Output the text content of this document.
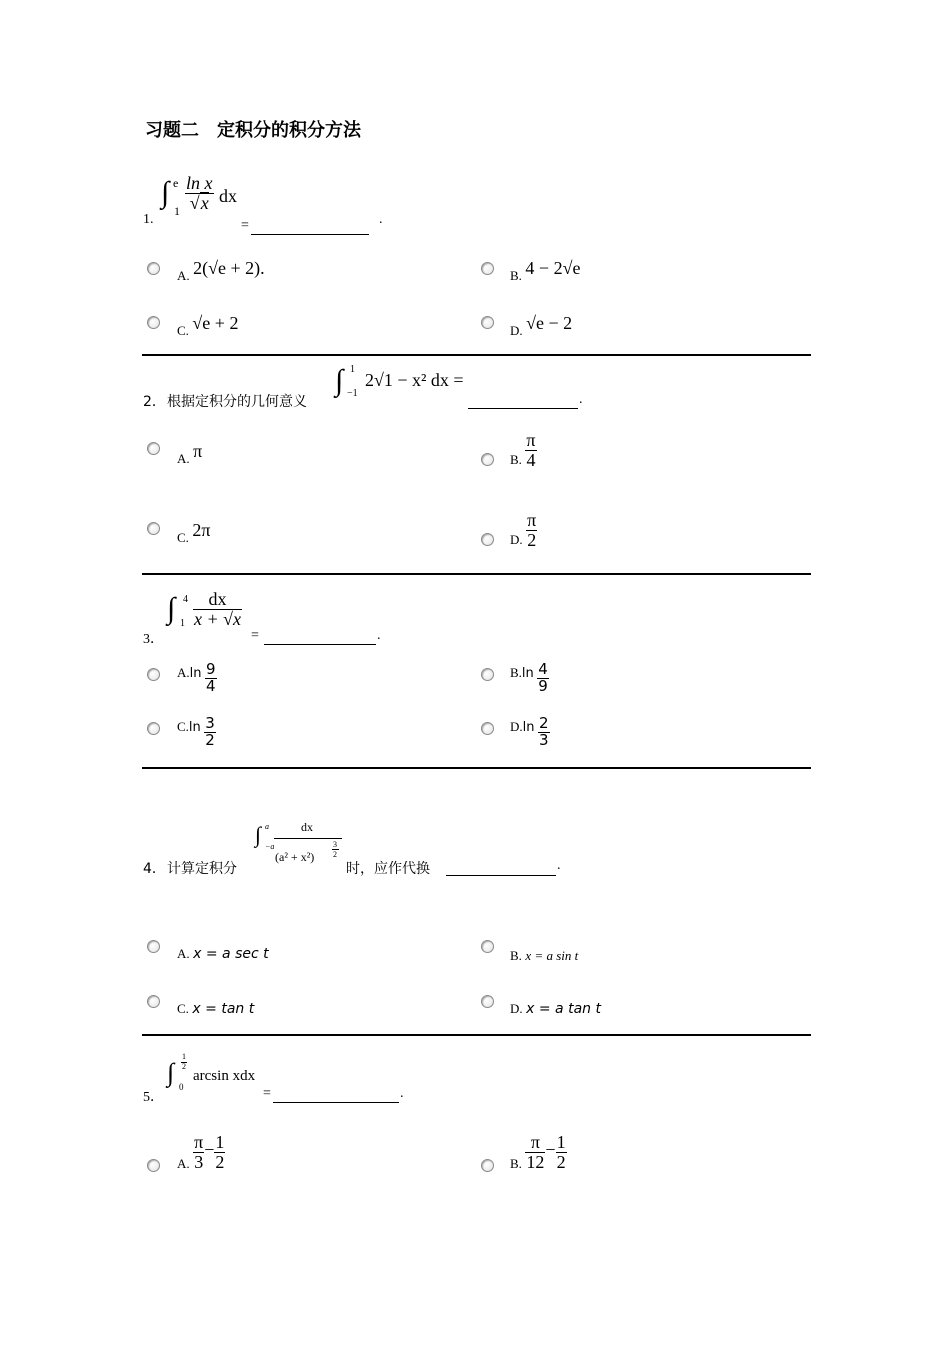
习题二　定积分的积分方法
1.
∫ e
$1 \frac{\text{ln x}}{√x}$ dx
=	.
A. 2(√e + 2).	B. 4 − 2√e
C. √e + 2	D. √e − 2
2． 根据定积分的几何意义
∫ 1
−1
2√1 − x² dx =
.
A. π	B. $\frac{\pi}{4}$
C. 2π	D. $\frac{\pi}{2}$
3．
∫ 4
$1 \frac{dx}{x + √x}$
=	.
$A.\ln \frac{9}{4}$	$B.\ln \frac{4}{9}$
$C.\ln \frac{3}{2}$	$D.\ln \frac{2}{3}$
4． 计算定积分
∫ a
−a
dx
(a² + x²)
3
2
时，应作代换	.
A. x = a sec t	B. x = a sin t
C. x = tan t	D. x = a tan t
5．
∫
1
2
0
arcsin xdx
=	.
A. $\frac{\pi}{3} - \frac{1}{2}$	B. $\frac{\pi}{12} - \frac{1}{2}$
